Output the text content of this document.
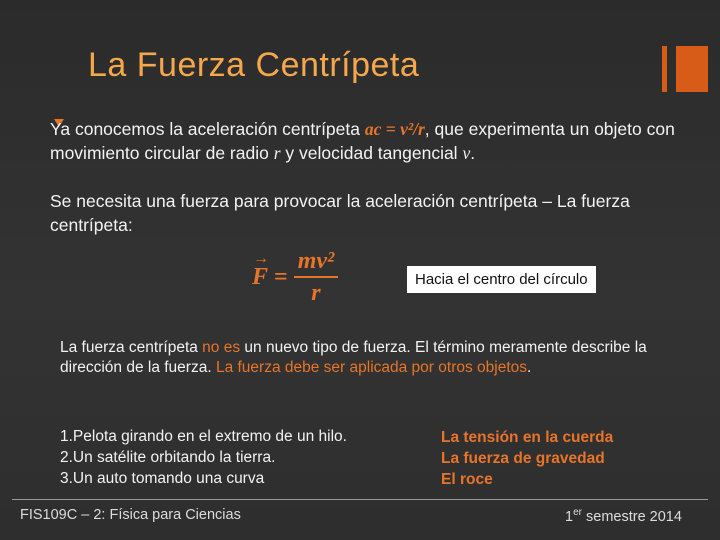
La Fuerza Centrípeta
Ya conocemos la aceleración centrípeta ac = v²/r, que experimenta un objeto con movimiento circular de radio r y velocidad tangencial v.
Se necesita una fuerza para provocar la aceleración centrípeta – La fuerza centrípeta:
→ $F = \frac{\text{mv²}}{r}$	Hacia el centro del círculo
La fuerza centrípeta no es un nuevo tipo de fuerza. El término meramente describe la dirección de la fuerza. La fuerza debe ser aplicada por otros objetos.
1.Pelota girando en el extremo de un hilo.
2.Un satélite orbitando la tierra.
3.Un auto tomando una curva
La tensión en la cuerda
La fuerza de gravedad
El roce
FIS109C – 2: Física para Ciencias	1er semestre 2014
